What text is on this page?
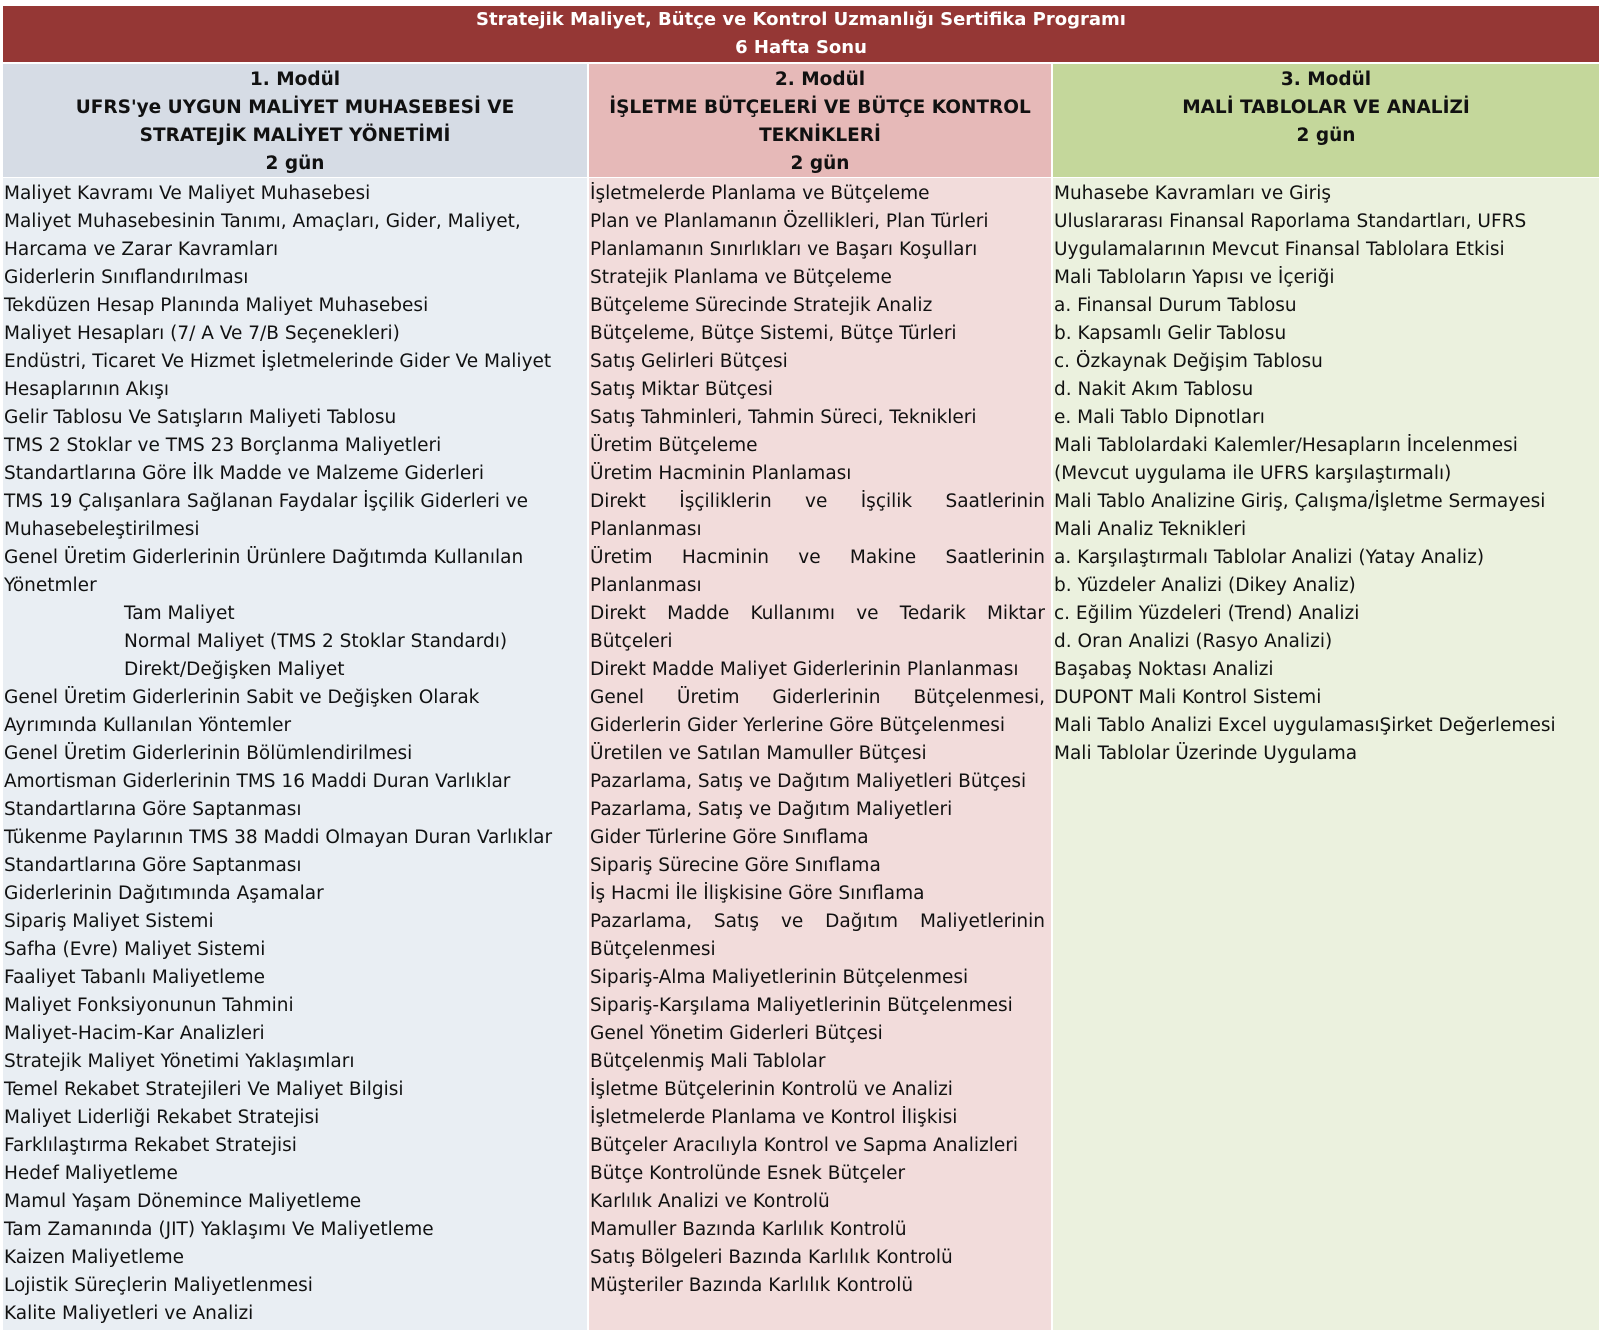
Stratejik Maliyet, Bütçe ve Kontrol Uzmanlığı Sertifika Programı
6 Hafta Sonu
1. Modül
UFRS'ye UYGUN MALİYET MUHASEBESİ VE
STRATEJİK MALİYET YÖNETİMİ
2 gün
2. Modül
İŞLETME BÜTÇELERİ VE BÜTÇE KONTROL
TEKNİKLERİ
2 gün
3. Modül
MALİ TABLOLAR VE ANALİZİ
2 gün
Maliyet Kavramı Ve Maliyet Muhasebesi
Maliyet Muhasebesinin Tanımı, Amaçları, Gider, Maliyet,
Harcama ve Zarar Kavramları
Giderlerin Sınıflandırılması
Tekdüzen Hesap Planında Maliyet Muhasebesi
Maliyet Hesapları (7/ A Ve 7/B Seçenekleri)
Endüstri, Ticaret Ve Hizmet İşletmelerinde Gider Ve Maliyet
Hesaplarının Akışı
Gelir Tablosu Ve Satışların Maliyeti Tablosu
TMS 2 Stoklar ve TMS 23 Borçlanma Maliyetleri
Standartlarına Göre İlk Madde ve Malzeme Giderleri
TMS 19 Çalışanlara Sağlanan Faydalar İşçilik Giderleri ve
Muhasebeleştirilmesi
Genel Üretim Giderlerinin Ürünlere Dağıtımda Kullanılan
Yönetmler
Tam Maliyet
Normal Maliyet (TMS 2 Stoklar Standardı)
Direkt/Değişken Maliyet
Genel Üretim Giderlerinin Sabit ve Değişken Olarak
Ayrımında Kullanılan Yöntemler
Genel Üretim Giderlerinin Bölümlendirilmesi
Amortisman Giderlerinin TMS 16 Maddi Duran Varlıklar
Standartlarına Göre Saptanması
Tükenme Paylarının TMS 38 Maddi Olmayan Duran Varlıklar
Standartlarına Göre Saptanması
Giderlerinin Dağıtımında Aşamalar
Sipariş Maliyet Sistemi
Safha (Evre) Maliyet Sistemi
Faaliyet Tabanlı Maliyetleme
Maliyet Fonksiyonunun Tahmini
Maliyet-Hacim-Kar Analizleri
Stratejik Maliyet Yönetimi Yaklaşımları
Temel Rekabet Stratejileri Ve Maliyet Bilgisi
Maliyet Liderliği Rekabet Stratejisi
Farklılaştırma Rekabet Stratejisi
Hedef Maliyetleme
Mamul Yaşam Dönemince Maliyetleme
Tam Zamanında (JIT) Yaklaşımı Ve Maliyetleme
Kaizen Maliyetleme
Lojistik Süreçlerin Maliyetlenmesi
Kalite Maliyetleri ve Analizi
İşletmelerde Planlama ve Bütçeleme
Plan ve Planlamanın Özellikleri, Plan Türleri
Planlamanın Sınırlıkları ve Başarı Koşulları
Stratejik Planlama ve Bütçeleme
Bütçeleme Sürecinde Stratejik Analiz
Bütçeleme, Bütçe Sistemi, Bütçe Türleri
Satış Gelirleri Bütçesi
Satış Miktar Bütçesi
Satış Tahminleri, Tahmin Süreci, Teknikleri
Üretim Bütçeleme
Üretim Hacminin Planlaması
Direkt İşçiliklerin ve İşçilik Saatlerinin
Planlanması
Üretim Hacminin ve Makine Saatlerinin
Planlanması
Direkt Madde Kullanımı ve Tedarik Miktar
Bütçeleri
Direkt Madde Maliyet Giderlerinin Planlanması
Genel Üretim Giderlerinin Bütçelenmesi,
Giderlerin Gider Yerlerine Göre Bütçelenmesi
Üretilen ve Satılan Mamuller Bütçesi
Pazarlama, Satış ve Dağıtım Maliyetleri Bütçesi
Pazarlama, Satış ve Dağıtım Maliyetleri
Gider Türlerine Göre Sınıflama
Sipariş Sürecine Göre Sınıflama
İş Hacmi İle İlişkisine Göre Sınıflama
Pazarlama, Satış ve Dağıtım Maliyetlerinin
Bütçelenmesi
Sipariş-Alma Maliyetlerinin Bütçelenmesi
Sipariş-Karşılama Maliyetlerinin Bütçelenmesi
Genel Yönetim Giderleri Bütçesi
Bütçelenmiş Mali Tablolar
İşletme Bütçelerinin Kontrolü ve Analizi
İşletmelerde Planlama ve Kontrol İlişkisi
Bütçeler Aracılıyla Kontrol ve Sapma Analizleri
Bütçe Kontrolünde Esnek Bütçeler
Karlılık Analizi ve Kontrolü
Mamuller Bazında Karlılık Kontrolü
Satış Bölgeleri Bazında Karlılık Kontrolü
Müşteriler Bazında Karlılık Kontrolü
Muhasebe Kavramları ve Giriş
Uluslararası Finansal Raporlama Standartları, UFRS
Uygulamalarının Mevcut Finansal Tablolara Etkisi
Mali Tabloların Yapısı ve İçeriği
a. Finansal Durum Tablosu
b. Kapsamlı Gelir Tablosu
c. Özkaynak Değişim Tablosu
d. Nakit Akım Tablosu
e. Mali Tablo Dipnotları
Mali Tablolardaki Kalemler/Hesapların İncelenmesi
(Mevcut uygulama ile UFRS karşılaştırmalı)
Mali Tablo Analizine Giriş, Çalışma/İşletme Sermayesi
Mali Analiz Teknikleri
a. Karşılaştırmalı Tablolar Analizi (Yatay Analiz)
b. Yüzdeler Analizi (Dikey Analiz)
c. Eğilim Yüzdeleri (Trend) Analizi
d. Oran Analizi (Rasyo Analizi)
Başabaş Noktası Analizi
DUPONT Mali Kontrol Sistemi
Mali Tablo Analizi Excel uygulamasıŞirket Değerlemesi
Mali Tablolar Üzerinde Uygulama
